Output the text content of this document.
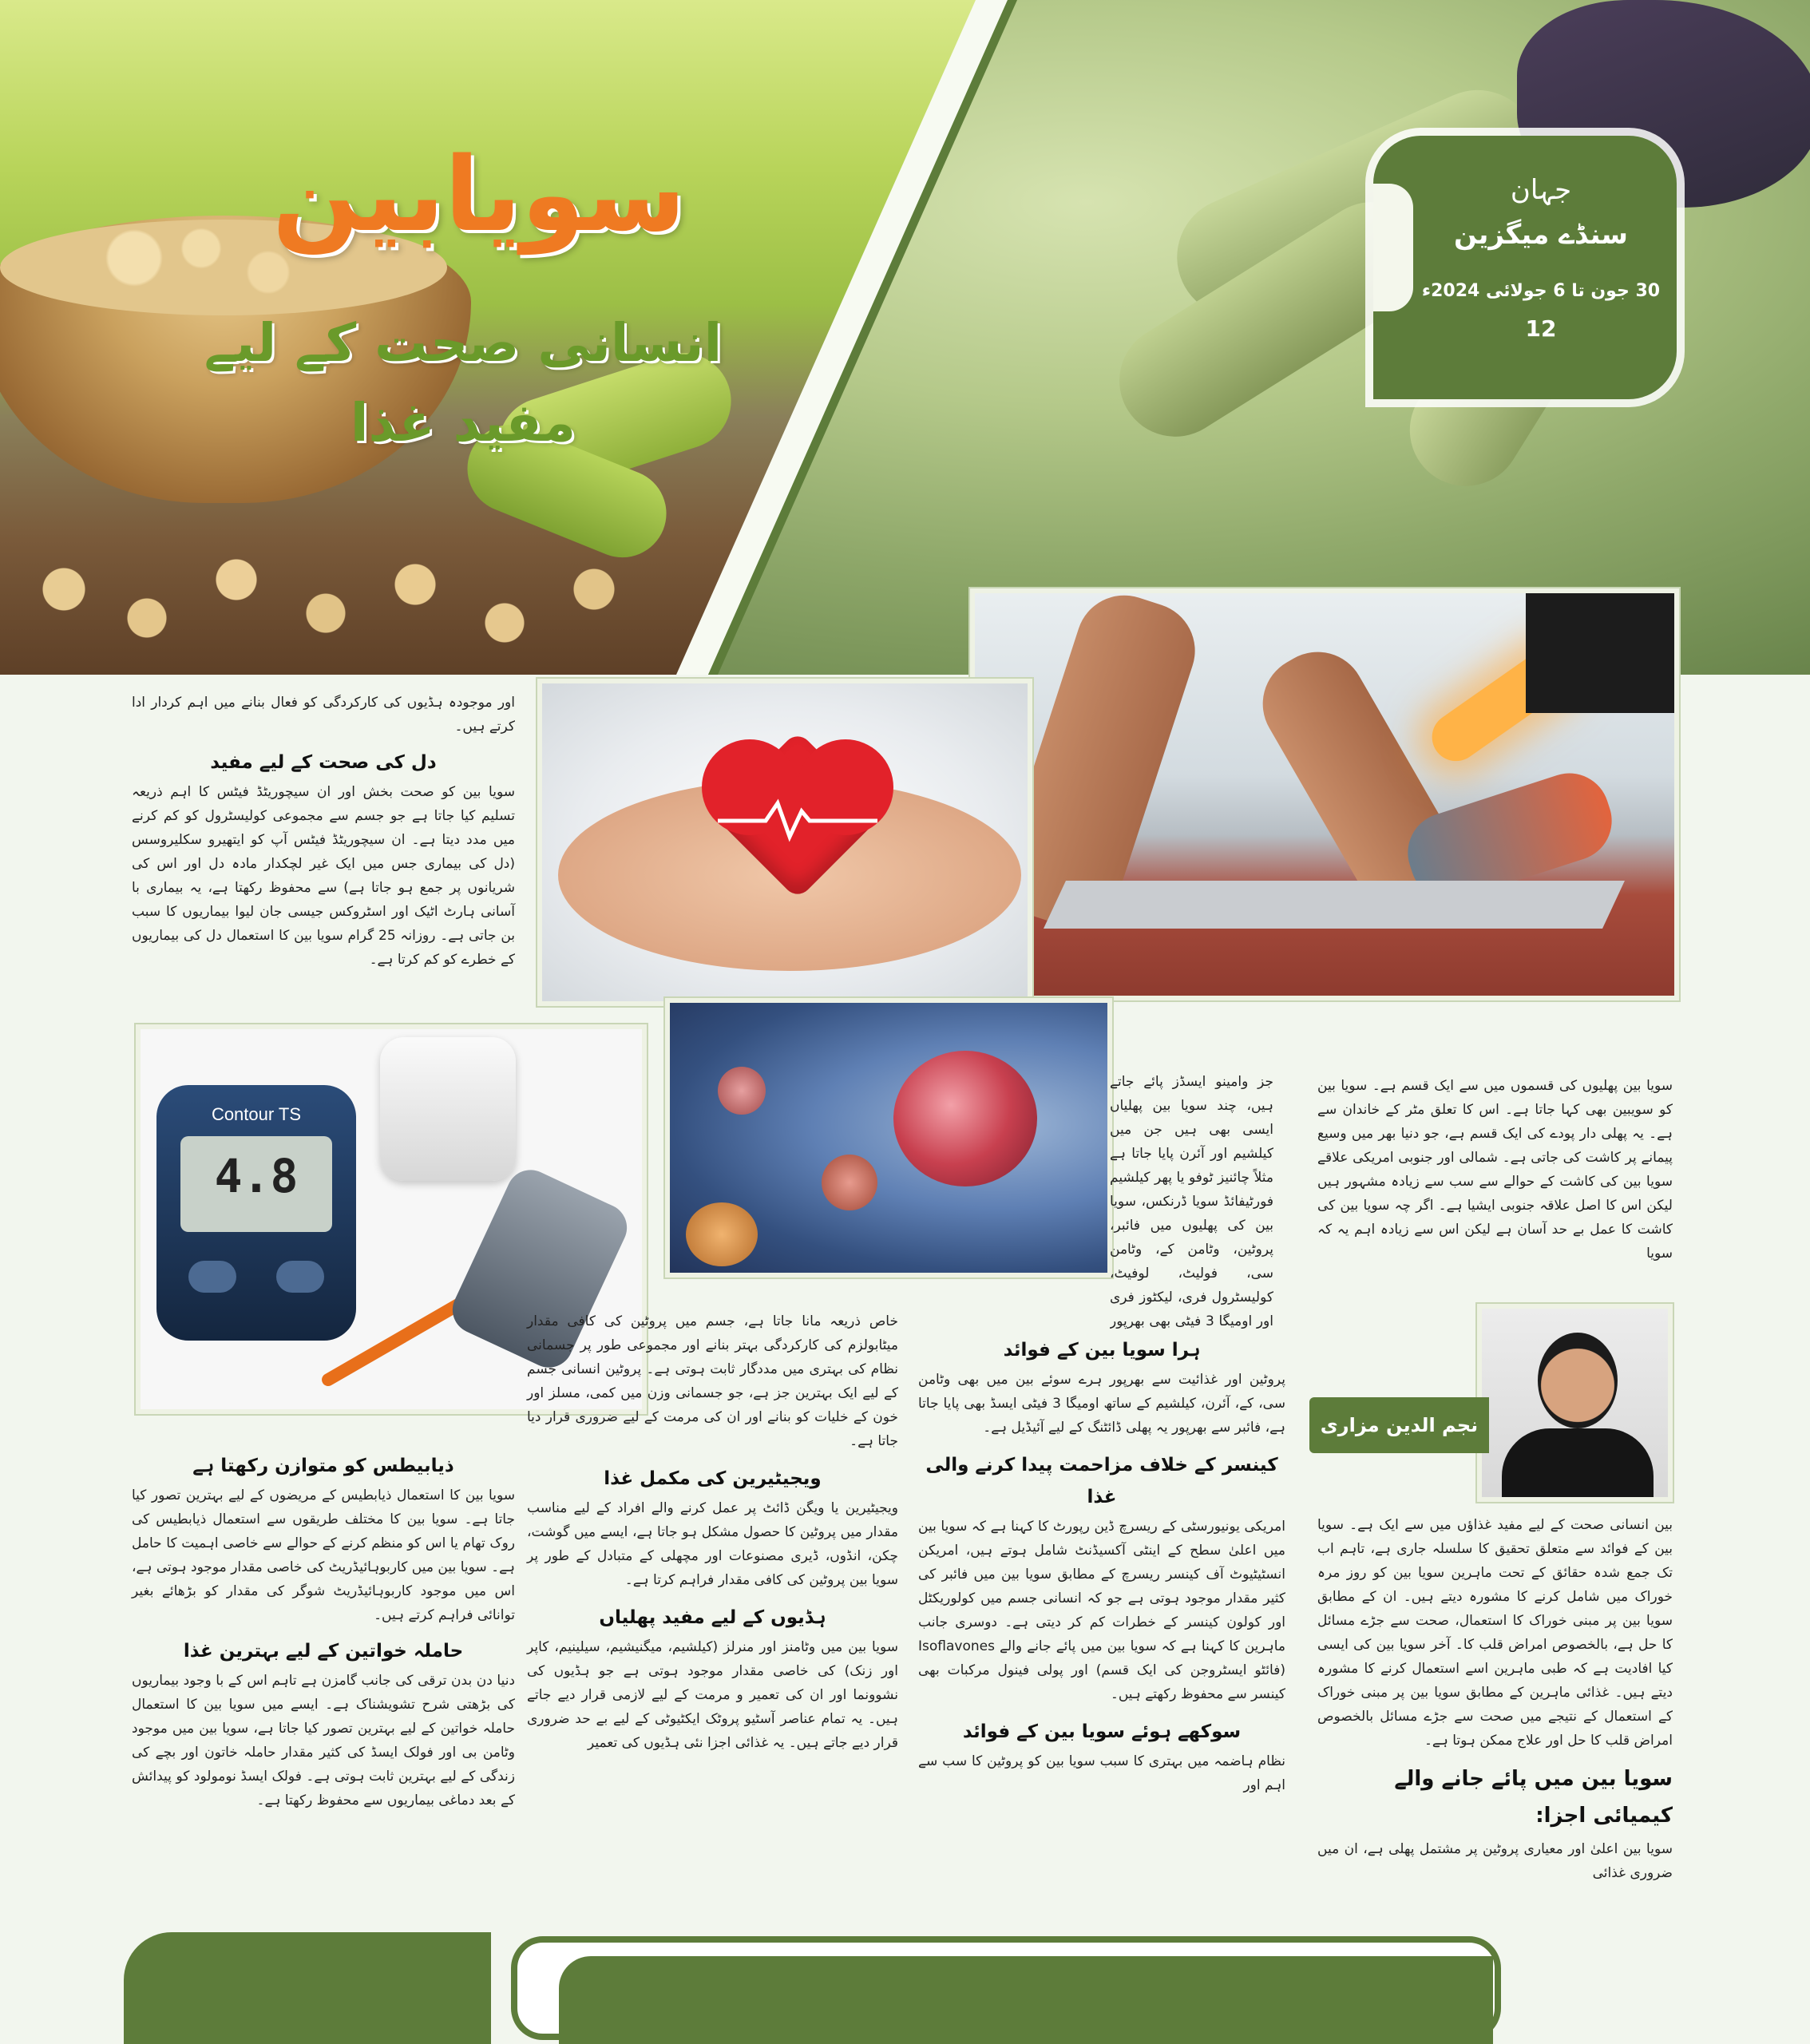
سویابین
انسانی صحت کے لیے مفید غذا
جہان
سنڈے میگزین
30 جون تا 6 جولائی 2024ء
12
Contour TS
4.8
نجم الدین مزاری

سویا بین پھلیوں کی قسموں میں سے ایک قسم ہے۔ سویا بین کو سویبین بھی کہا جاتا ہے۔ اس کا تعلق مٹر کے خاندان سے ہے۔ یہ پھلی دار پودے کی ایک قسم ہے، جو دنیا بھر میں وسیع پیمانے پر کاشت کی جاتی ہے۔ شمالی اور جنوبی امریکی علاقے سویا بین کی کاشت کے حوالے سے سب سے زیادہ مشہور ہیں لیکن اس کا اصل علاقہ جنوبی ایشیا ہے۔ اگر چہ سویا بین کی کاشت کا عمل بے حد آسان ہے لیکن اس سے زیادہ اہم یہ کہ سویا

بین انسانی صحت کے لیے مفید غذاؤں میں سے ایک ہے۔ سویا بین کے فوائد سے متعلق تحقیق کا سلسلہ جاری ہے، تاہم اب تک جمع شدہ حقائق کے تحت ماہرین سویا بین کو روز مرہ خوراک میں شامل کرنے کا مشورہ دیتے ہیں۔ ان کے مطابق سویا بین پر مبنی خوراک کا استعمال، صحت سے جڑے مسائل کا حل ہے، بالخصوص امراض قلب کا۔ آخر سویا بین کی ایسی کیا افادیت ہے کہ طبی ماہرین اسے استعمال کرنے کا مشورہ دیتے ہیں۔ غذائی ماہرین کے مطابق سویا بین پر مبنی خوراک کے استعمال کے نتیجے میں صحت سے جڑے مسائل بالخصوص امراض قلب کا حل اور علاج ممکن ہوتا ہے۔

سویا بین میں پائے جانے والے کیمیائی اجزا:

سویا بین اعلیٰ اور معیاری پروٹین پر مشتمل پھلی ہے، ان میں ضروری غذائی

جز وامینو ایسڈز پائے جاتے ہیں، چند سویا بین پھلیاں ایسی بھی ہیں جن میں کیلشیم اور آئرن پایا جاتا ہے مثلاً چائنیز ٹوفو یا پھر کیلشیم فورٹیفائڈ سویا ڈرنکس، سویا بین کی پھلیوں میں فائبر، پروٹین، وٹامن کے، وٹامن سی، فولیٹ، لوفیٹ، کولیسٹرول فری، لیکٹوز فری اور اومیگا 3 فیٹی بھی بھرپور

ہرا سویا بین کے فوائد

پروٹین اور غذائیت سے بھرپور ہرے سوئے بین میں بھی وٹامن سی، کے، آئرن، کیلشیم کے ساتھ اومیگا 3 فیٹی ایسڈ بھی پایا جاتا ہے، فائبر سے بھرپور یہ پھلی ڈائٹنگ کے لیے آئیڈیل ہے۔

کینسر کے خلاف مزاحمت پیدا کرنے والی غذا

امریکی یونیورسٹی کے ریسرچ ڈین رپورٹ کا کہنا ہے کہ سویا بین میں اعلیٰ سطح کے اینٹی آکسیڈنٹ شامل ہوتے ہیں، امریکن انسٹیٹیوٹ آف کینسر ریسرچ کے مطابق سویا بین میں فائبر کی کثیر مقدار موجود ہوتی ہے جو کہ انسانی جسم میں کولوریکٹل اور کولون کینسر کے خطرات کم کر دیتی ہے۔ دوسری جانب ماہرین کا کہنا ہے کہ سویا بین میں پائے جانے والے Isoflavones (فائٹو ایسٹروجن کی ایک قسم) اور پولی فینول مرکبات بھی کینسر سے محفوظ رکھتے ہیں۔

سوکھے ہوئے سویا بین کے فوائد

نظام ہاضمہ میں بہتری کا سبب سویا بین کو پروٹین کا سب سے اہم اور

خاص ذریعہ مانا جاتا ہے، جسم میں پروٹین کی کافی مقدار میٹابولزم کی کارکردگی بہتر بنانے اور مجموعی طور پر جسمانی نظام کی بہتری میں مددگار ثابت ہوتی ہے۔ پروٹین انسانی جسم کے لیے ایک بہترین جز ہے، جو جسمانی وزن میں کمی، مسلز اور خون کے خلیات کو بنانے اور ان کی مرمت کے لیے ضروری قرار دیا جاتا ہے۔

ویجیٹیرین کی مکمل غذا

ویجیٹیرین یا ویگن ڈائٹ پر عمل کرنے والے افراد کے لیے مناسب مقدار میں پروٹین کا حصول مشکل ہو جاتا ہے، ایسے میں گوشت، چکن، انڈوں، ڈیری مصنوعات اور مچھلی کے متبادل کے طور پر سویا بین پروٹین کی کافی مقدار فراہم کرتا ہے۔

ہڈیوں کے لیے مفید پھلیاں

سویا بین میں وٹامنز اور منرلز (کیلشیم، میگنیشیم، سیلینیم، کاپر اور زنک) کی خاصی مقدار موجود ہوتی ہے جو ہڈیوں کی نشوونما اور ان کی تعمیر و مرمت کے لیے لازمی قرار دیے جاتے ہیں۔ یہ تمام عناصر آسٹیو پروٹک ایکٹیوٹی کے لیے بے حد ضروری قرار دیے جاتے ہیں۔ یہ غذائی اجزا نئی ہڈیوں کی تعمیر

اور موجودہ ہڈیوں کی کارکردگی کو فعال بنانے میں اہم کردار ادا کرتے ہیں۔

دل کی صحت کے لیے مفید

سویا بین کو صحت بخش اور ان سیچوریٹڈ فیٹس کا اہم ذریعہ تسلیم کیا جاتا ہے جو جسم سے مجموعی کولیسٹرول کو کم کرنے میں مدد دیتا ہے۔ ان سیچوریٹڈ فیٹس آپ کو ایتھیرو سکلیروسس (دل کی بیماری جس میں ایک غیر لچکدار مادہ دل اور اس کی شریانوں پر جمع ہو جاتا ہے) سے محفوظ رکھتا ہے، یہ بیماری با آسانی ہارٹ اٹیک اور اسٹروکس جیسی جان لیوا بیماریوں کا سبب بن جاتی ہے۔ روزانہ 25 گرام سویا بین کا استعمال دل کی بیماریوں کے خطرے کو کم کرتا ہے۔

ذیابیطس کو متوازن رکھتا ہے

سویا بین کا استعمال ذیابطیس کے مریضوں کے لیے بہترین تصور کیا جاتا ہے۔ سویا بین کا مختلف طریقوں سے استعمال ذیابطیس کی روک تھام یا اس کو منظم کرنے کے حوالے سے خاصی اہمیت کا حامل ہے۔ سویا بین میں کاربوہائیڈریٹ کی خاصی مقدار موجود ہوتی ہے، اس میں موجود کاربوہائیڈریٹ شوگر کی مقدار کو بڑھائے بغیر توانائی فراہم کرتے ہیں۔

حاملہ خواتین کے لیے بہترین غذا

دنیا دن بدن ترقی کی جانب گامزن ہے تاہم اس کے با وجود بیماریوں کی بڑھتی شرح تشویشناک ہے۔ ایسے میں سویا بین کا استعمال حاملہ خواتین کے لیے بہترین تصور کیا جاتا ہے، سویا بین میں موجود وٹامن بی اور فولک ایسڈ کی کثیر مقدار حاملہ خاتون اور بچے کی زندگی کے لیے بہترین ثابت ہوتی ہے۔ فولک ایسڈ نومولود کو پیدائش کے بعد دماغی بیماریوں سے محفوظ رکھتا ہے۔
